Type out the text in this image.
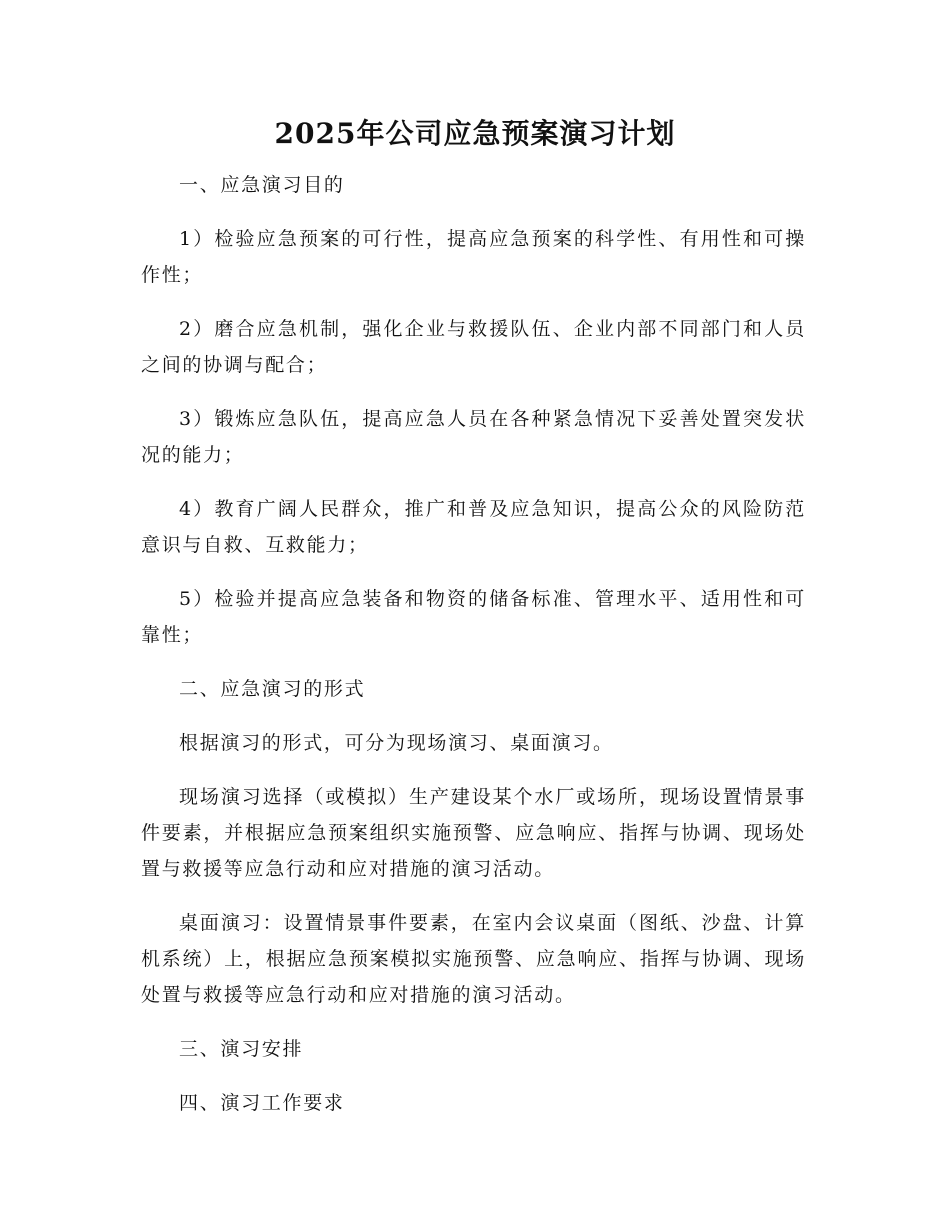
2025年公司应急预案演习计划

一、应急演习目的

1）检验应急预案的可行性，提高应急预案的科学性、有用性和可操作性；

2）磨合应急机制，强化企业与救援队伍、企业内部不同部门和人员之间的协调与配合；

3）锻炼应急队伍，提高应急人员在各种紧急情况下妥善处置突发状况的能力；

4）教育广阔人民群众，推广和普及应急知识，提高公众的风险防范意识与自救、互救能力；

5）检验并提高应急装备和物资的储备标准、管理水平、适用性和可靠性；

二、应急演习的形式

根据演习的形式，可分为现场演习、桌面演习。

现场演习选择（或模拟）生产建设某个水厂或场所，现场设置情景事件要素，并根据应急预案组织实施预警、应急响应、指挥与协调、现场处置与救援等应急行动和应对措施的演习活动。

桌面演习：设置情景事件要素，在室内会议桌面（图纸、沙盘、计算机系统）上，根据应急预案模拟实施预警、应急响应、指挥与协调、现场处置与救援等应急行动和应对措施的演习活动。

三、演习安排

四、演习工作要求
